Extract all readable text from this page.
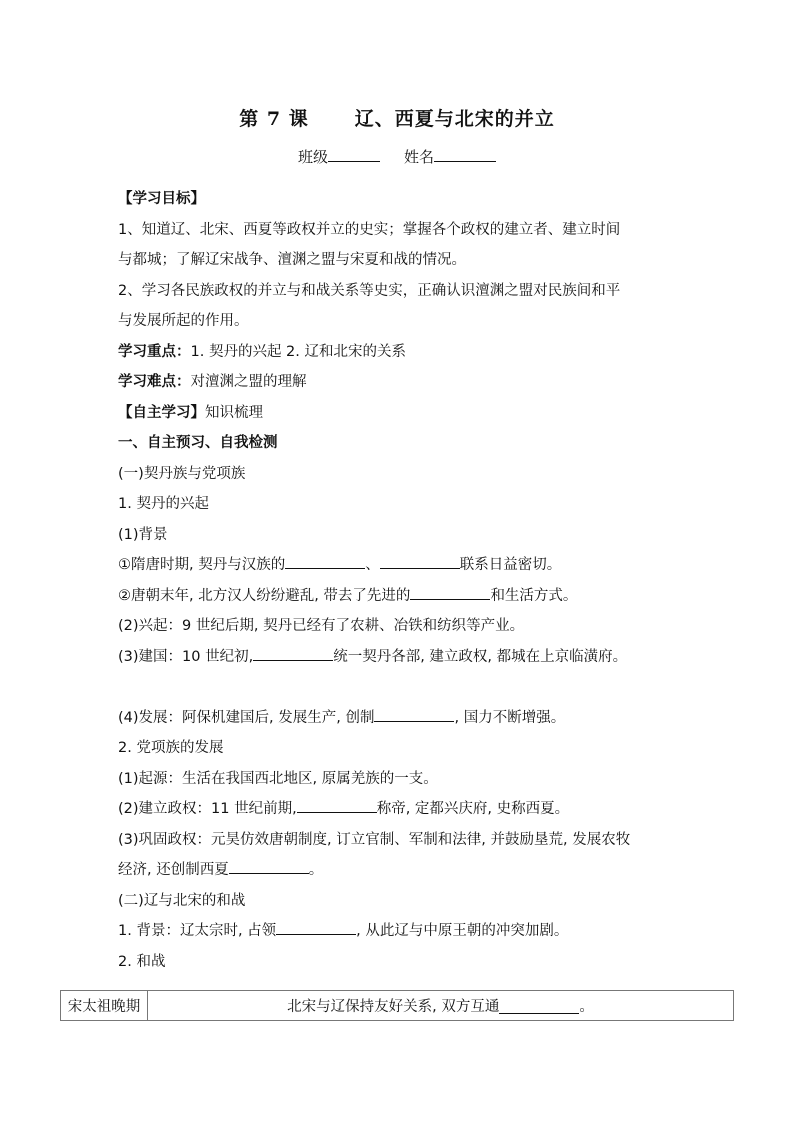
第 7 课 辽、西夏与北宋的并立
班级	姓名
【学习目标】
1、知道辽、北宋、西夏等政权并立的史实；掌握各个政权的建立者、建立时间
与都城；了解辽宋战争、澶渊之盟与宋夏和战的情况。
2、学习各民族政权的并立与和战关系等史实，正确认识澶渊之盟对民族间和平
与发展所起的作用。
学习重点：1. 契丹的兴起 2. 辽和北宋的关系
学习难点：对澶渊之盟的理解
【自主学习】知识梳理
一、自主预习、自我检测
(一)契丹族与党项族
1. 契丹的兴起
(1)背景
①隋唐时期, 契丹与汉族的	、	联系日益密切。
②唐朝末年, 北方汉人纷纷避乱, 带去了先进的	和生活方式。
(2)兴起：9 世纪后期, 契丹已经有了农耕、冶铁和纺织等产业。
(3)建国：10 世纪初,	统一契丹各部, 建立政权, 都城在上京临潢府。

(4)发展：阿保机建国后, 发展生产, 创制	, 国力不断增强。
2. 党项族的发展
(1)起源：生活在我国西北地区, 原属羌族的一支。
(2)建立政权：11 世纪前期,	称帝, 定都兴庆府, 史称西夏。
(3)巩固政权：元昊仿效唐朝制度, 订立官制、军制和法律, 并鼓励垦荒, 发展农牧
经济, 还创制西夏	。
(二)辽与北宋的和战
1. 背景：辽太宗时, 占领	, 从此辽与中原王朝的冲突加剧。
2. 和战
宋太祖晚期	北宋与辽保持友好关系, 双方互通	。
